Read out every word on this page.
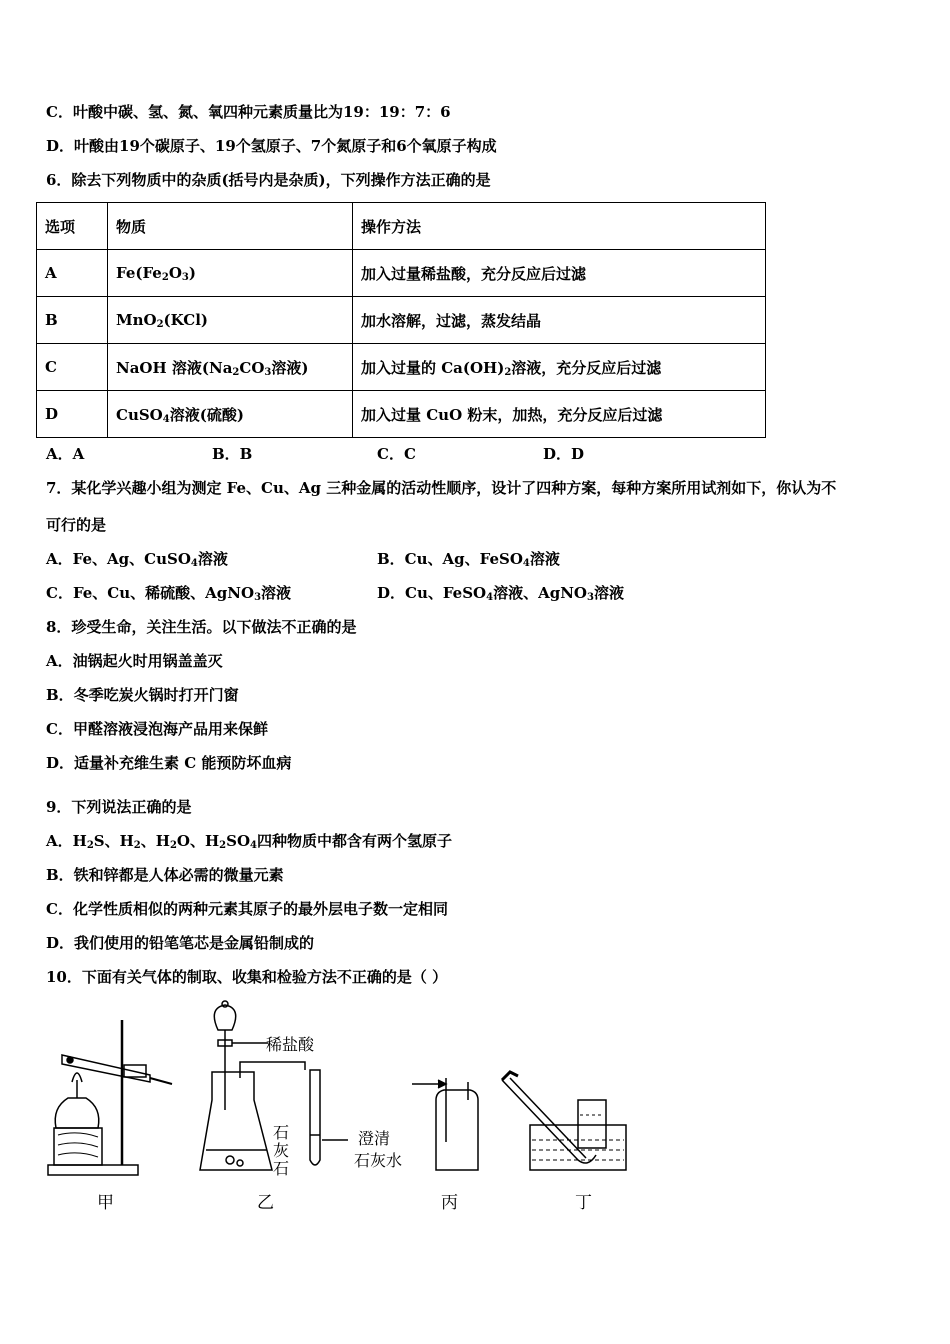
C．叶酸中碳、氢、氮、氧四种元素质量比为19：19：7：6
D．叶酸由19个碳原子、19个氢原子、7个氮原子和6个氧原子构成
6．除去下列物质中的杂质(括号内是杂质)，下列操作方法正确的是
选项	物质	操作方法
A	$Fe(Fe_2O_3)$	加入过量稀盐酸，充分反应后过滤
B	MnO$_2$(KCl)	加水溶解，过滤，蒸发结晶
C	NaOH 溶液($Na_2CO_3$溶液)	加入过量的 $Ca(OH)_2$溶液，充分反应后过滤
D	CuSO$_4$溶液(硫酸)	加入过量 CuO 粉末，加热，充分反应后过滤
A．A	B．B	C．C	D．D
7．某化学兴趣小组为测定 Fe、Cu、Ag 三种金属的活动性顺序，设计了四种方案，每种方案所用试剂如下，你认为不
可行的是
A．Fe、Ag、CuSO$_4$溶液	B．Cu、Ag、FeSO$_4$溶液
C．Fe、Cu、稀硫酸、AgNO$_3$溶液	D．Cu、FeSO$_4$溶液、AgNO$_3$溶液
8．珍受生命，关注生活。以下做法不正确的是
A．油锅起火时用锅盖盖灭
B．冬季吃炭火锅时打开门窗
C．甲醛溶液浸泡海产品用来保鲜
D．适量补充维生素 C 能预防坏血病
9．下列说法正确的是
A．$H_2S$、$H_2$、$H_2O$、$H_2SO_4$四种物质中都含有两个氢原子
B．铁和锌都是人体必需的微量元素
C．化学性质相似的两种元素其原子的最外层电子数一定相同
D．我们使用的铅笔笔芯是金属铅制成的
10．下面有关气体的制取、收集和检验方法不正确的是（ ）
稀盐酸
石灰石
澄清
石灰水
甲	乙	丙	丁
